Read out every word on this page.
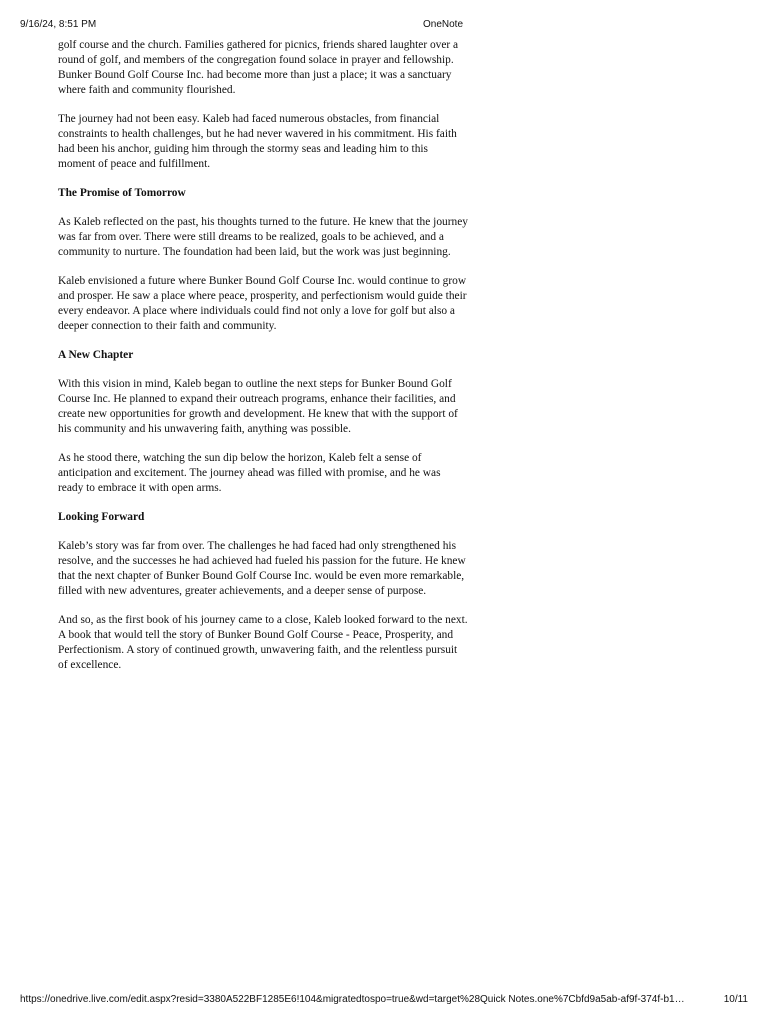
9/16/24, 8:51 PM	OneNote

golf course and the church. Families gathered for picnics, friends shared laughter over a round of golf, and members of the congregation found solace in prayer and fellowship. Bunker Bound Golf Course Inc. had become more than just a place; it was a sanctuary where faith and community flourished.

The journey had not been easy. Kaleb had faced numerous obstacles, from financial constraints to health challenges, but he had never wavered in his commitment. His faith had been his anchor, guiding him through the stormy seas and leading him to this moment of peace and fulfillment.

The Promise of Tomorrow

As Kaleb reflected on the past, his thoughts turned to the future. He knew that the journey was far from over. There were still dreams to be realized, goals to be achieved, and a community to nurture. The foundation had been laid, but the work was just beginning.

Kaleb envisioned a future where Bunker Bound Golf Course Inc. would continue to grow and prosper. He saw a place where peace, prosperity, and perfectionism would guide their every endeavor. A place where individuals could find not only a love for golf but also a deeper connection to their faith and community.

A New Chapter

With this vision in mind, Kaleb began to outline the next steps for Bunker Bound Golf Course Inc. He planned to expand their outreach programs, enhance their facilities, and create new opportunities for growth and development. He knew that with the support of his community and his unwavering faith, anything was possible.

As he stood there, watching the sun dip below the horizon, Kaleb felt a sense of anticipation and excitement. The journey ahead was filled with promise, and he was ready to embrace it with open arms.

Looking Forward

Kaleb’s story was far from over. The challenges he had faced had only strengthened his resolve, and the successes he had achieved had fueled his passion for the future. He knew that the next chapter of Bunker Bound Golf Course Inc. would be even more remarkable, filled with new adventures, greater achievements, and a deeper sense of purpose.

And so, as the first book of his journey came to a close, Kaleb looked forward to the next. A book that would tell the story of Bunker Bound Golf Course - Peace, Prosperity, and Perfectionism. A story of continued growth, unwavering faith, and the relentless pursuit of excellence.

https://onedrive.live.com/edit.aspx?resid=3380A522BF1285E6!104&migratedtospo=true&wd=target%28Quick Notes.one%7Cbfd9a5ab-af9f-374f-b1…	10/11
